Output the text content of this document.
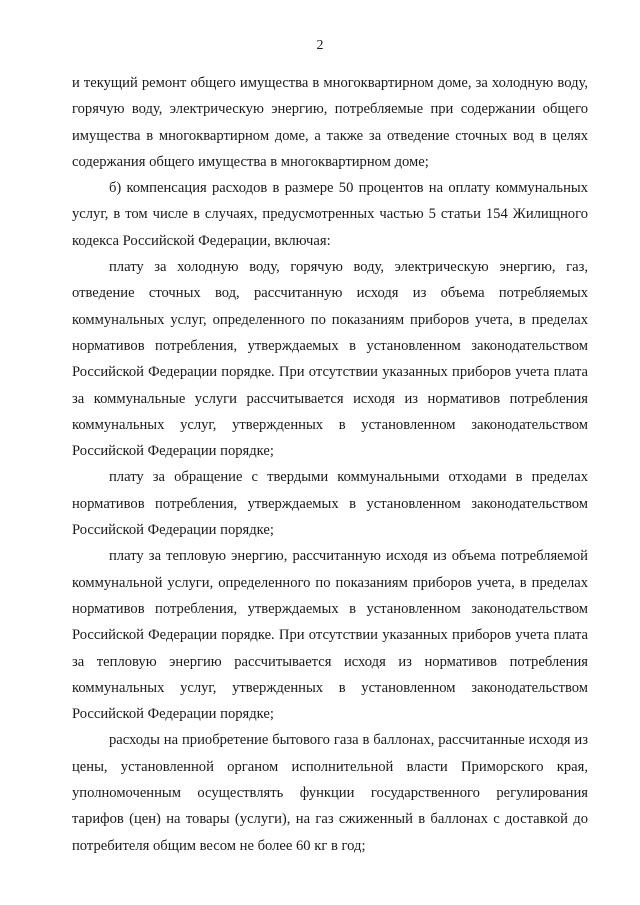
2

и текущий ремонт общего имущества в многоквартирном доме, за холодную воду, горячую воду, электрическую энергию, потребляемые при содержании общего имущества в многоквартирном доме, а также за отведение сточных вод в целях содержания общего имущества в многоквартирном доме;

б) компенсация расходов в размере 50 процентов на оплату коммунальных услуг, в том числе в случаях, предусмотренных частью 5 статьи 154 Жилищного кодекса Российской Федерации, включая:

плату за холодную воду, горячую воду, электрическую энергию, газ, отведение сточных вод, рассчитанную исходя из объема потребляемых коммунальных услуг, определенного по показаниям приборов учета, в пределах нормативов потребления, утверждаемых в установленном законодательством Российской Федерации порядке. При отсутствии указанных приборов учета плата за коммунальные услуги рассчитывается исходя из нормативов потребления коммунальных услуг, утвержденных в установленном законодательством Российской Федерации порядке;

плату за обращение с твердыми коммунальными отходами в пределах нормативов потребления, утверждаемых в установленном законодательством Российской Федерации порядке;

плату за тепловую энергию, рассчитанную исходя из объема потребляемой коммунальной услуги, определенного по показаниям приборов учета, в пределах нормативов потребления, утверждаемых в установленном законодательством Российской Федерации порядке. При отсутствии указанных приборов учета плата за тепловую энергию рассчитывается исходя из нормативов потребления коммунальных услуг, утвержденных в установленном законодательством Российской Федерации порядке;

расходы на приобретение бытового газа в баллонах, рассчитанные исходя из цены, установленной органом исполнительной власти Приморского края, уполномоченным осуществлять функции государственного регулирования тарифов (цен) на товары (услуги), на газ сжиженный в баллонах с доставкой до потребителя общим весом не более 60 кг в год;
